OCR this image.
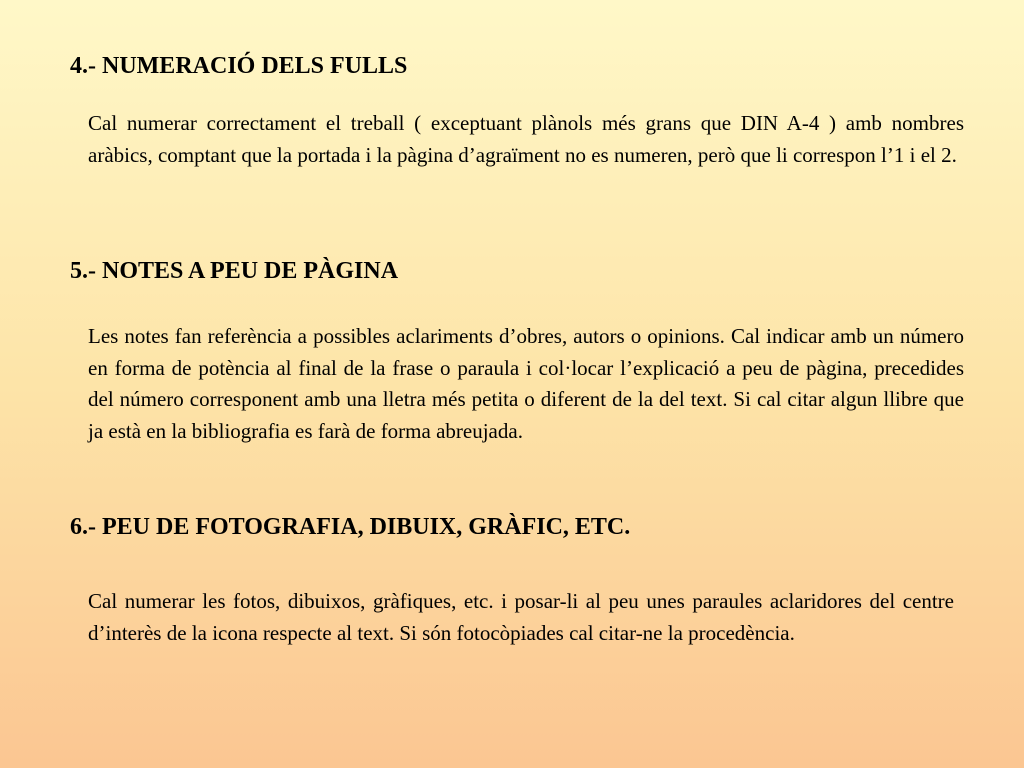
4.- NUMERACIÓ DELS FULLS

Cal numerar correctament el treball ( exceptuant plànols més grans que DIN A-4 ) amb nombres aràbics, comptant que la portada i la pàgina d’agraïment no es numeren, però que li correspon l’1 i el 2.

5.- NOTES A PEU DE PÀGINA

Les notes fan referència a possibles aclariments d’obres, autors o opinions. Cal indicar amb un número en forma de potència al final de la frase o paraula i col·locar l’explicació a peu de pàgina, precedides del número corresponent amb una lletra més petita o diferent de la del text. Si cal citar algun llibre que ja està en la bibliografia es farà de forma abreujada.

6.- PEU DE FOTOGRAFIA, DIBUIX, GRÀFIC, ETC.

Cal numerar les fotos, dibuixos, gràfiques, etc. i posar-li al peu unes paraules aclaridores del centre d’interès de la icona respecte al text. Si són fotocòpiades cal citar-ne la procedència.
